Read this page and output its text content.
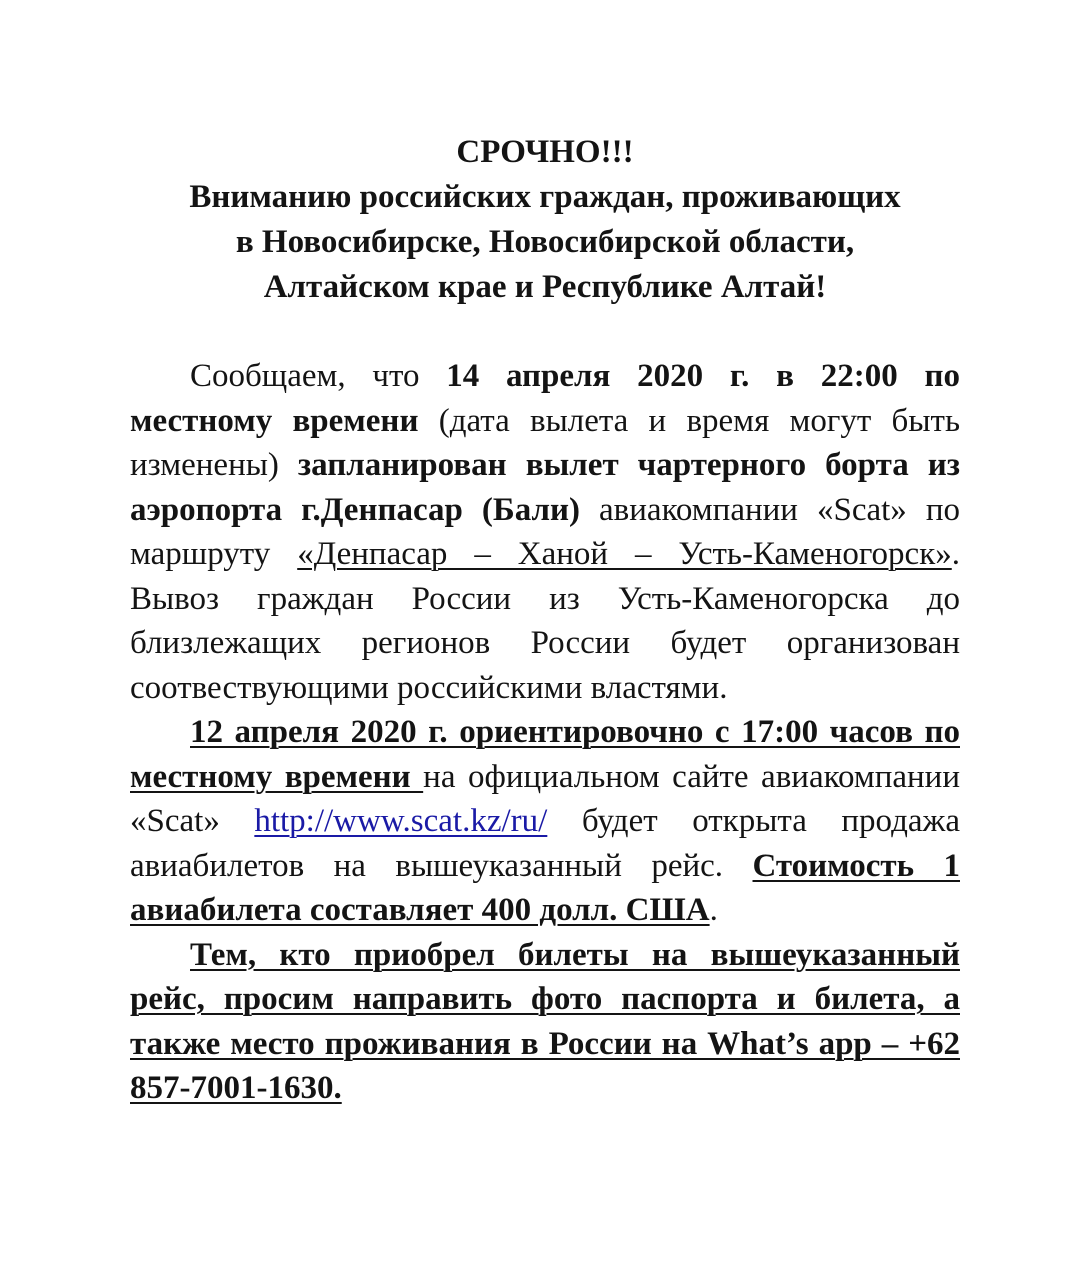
СРОЧНО!!!
Вниманию российских граждан, проживающих
в Новосибирске, Новосибирской области,
Алтайском крае и Республике Алтай!

Сообщаем, что 14 апреля 2020 г. в 22:00 по местному времени (дата вылета и время могут быть изменены) запланирован вылет чартерного борта из аэропорта г.Денпасар (Бали) авиакомпании «Scat» по маршруту «Денпасар – Ханой – Усть-Каменогорск». Вывоз граждан России из Усть-Каменогорска до близлежащих регионов России будет организован соотвествующими российскими властями.

12 апреля 2020 г. ориентировочно с 17:00 часов по местному времени на официальном сайте авиакомпании «Scat» http://www.scat.kz/ru/ будет открыта продажа авиабилетов на вышеуказанный рейс. Стоимость 1 авиабилета составляет 400 долл. США.

Тем, кто приобрел билеты на вышеуказанный рейс, просим направить фото паспорта и билета, а также место проживания в России на What’s app – +62 857-7001-1630.
